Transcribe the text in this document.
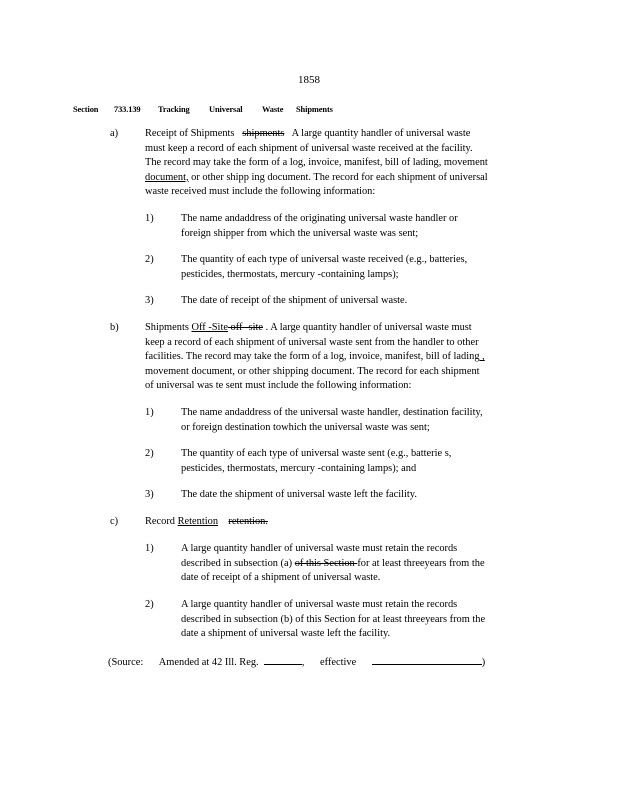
1858
Section 733.139 Tracking Universal Waste Shipments
a)	Receipt of Shipments shipments   A large quantity handler of universal waste
must keep a record of each shipment of universal waste received at the facility.
The record may take the form of a log, invoice, manifest, bill of lading, movement
document, or other shipp ing document. The record for each shipment of universal
waste received must include the following information:
1)	The name andaddress of the originating universal waste handler or
foreign shipper from which the universal waste was sent;
2)	The quantity of each type of universal waste received (e.g., batteries,
pesticides, thermostats, mercury -containing lamps);
3)	The date of receipt of the shipment of universal waste.
b)	Shipments Off -Site off -site . A large quantity handler of universal waste must
keep a record of each shipment of universal waste sent from the handler to other
facilities. The record may take the form of a log, invoice, manifest, bill of lading ,
movement document, or other shipping document. The record for each shipment
of universal was te sent must include the following information:
1)	The name andaddress of the universal waste handler, destination facility,
or foreign destination towhich the universal waste was sent;
2)	The quantity of each type of universal waste sent (e.g., batterie s,
pesticides, thermostats, mercury -containing lamps); and
3)	The date the shipment of universal waste left the facility.
c)	Record Retention retention.
1)	A large quantity handler of universal waste must retain the records
described in subsection (a) of this Section for at least threeyears from the
date of receipt of a shipment of universal waste.
2)	A large quantity handler of universal waste must retain the records
described in subsection (b) of this Section for at least threeyears from the
date a shipment of universal waste left the facility.
(Source: Amended at 42 Ill. Reg.	, effective	)
